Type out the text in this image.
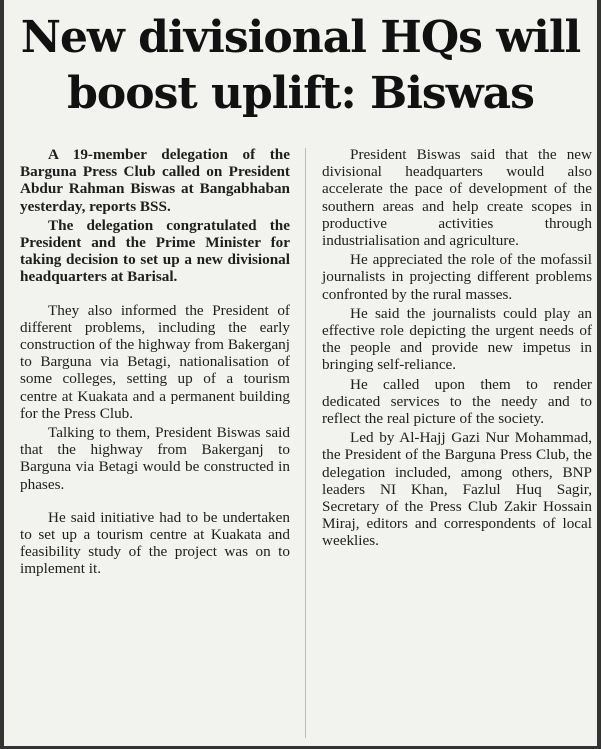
New divisional HQs will
boost uplift: Biswas

A 19-member delegation of the Barguna Press Club called on President Abdur Rahman Biswas at Bangabhaban yesterday, reports BSS.

The delegation congratulated the President and the Prime Minister for taking decision to set up a new divisional headquarters at Barisal.

They also informed the President of different problems, including the early construction of the highway from Bakerganj to Barguna via Betagi, nationalisation of some colleges, setting up of a tourism centre at Kuakata and a permanent building for the Press Club.

Talking to them, President Biswas said that the highway from Bakerganj to Barguna via Betagi would be constructed in phases.

He said initiative had to be undertaken to set up a tourism centre at Kuakata and feasibility study of the project was on to implement it.

President Biswas said that the new divisional headquarters would also accelerate the pace of development of the southern areas and help create scopes in productive activities through industrialisation and agriculture.

He appreciated the role of the mofassil journalists in projecting different problems confronted by the rural masses.

He said the journalists could play an effective role depicting the urgent needs of the people and provide new impetus in bringing self-reliance.

He called upon them to render dedicated services to the needy and to reflect the real picture of the society.

Led by Al-Hajj Gazi Nur Mohammad, the President of the Barguna Press Club, the delegation included, among others, BNP leaders NI Khan, Fazlul Huq Sagir, Secretary of the Press Club Zakir Hossain Miraj, editors and correspondents of local weeklies.
